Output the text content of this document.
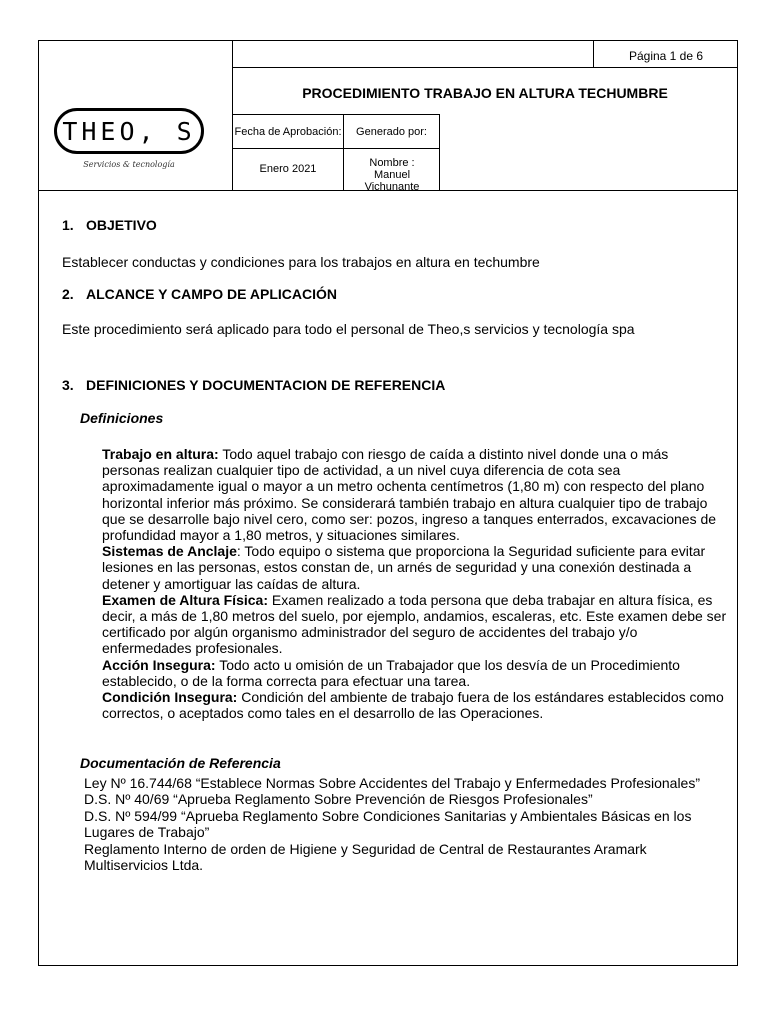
THEO, S
Servicios & tecnología
Página 1 de 6
PROCEDIMIENTO TRABAJO EN ALTURA TECHUMBRE
Fecha de Aprobación:	Generado por:
Enero 2021	Nombre : Manuel Vichunante
1. OBJETIVO
Establecer conductas y condiciones para los trabajos en altura en techumbre
2. ALCANCE Y CAMPO DE APLICACIÓN
Este procedimiento será aplicado para todo el personal de Theo,s servicios y tecnología spa
3. DEFINICIONES Y DOCUMENTACION DE REFERENCIA
Definiciones
Trabajo en altura: Todo aquel trabajo con riesgo de caída a distinto nivel donde una o más personas realizan cualquier tipo de actividad, a un nivel cuya diferencia de cota sea aproximadamente igual o mayor a un metro ochenta centímetros (1,80 m) con respecto del plano horizontal inferior más próximo. Se considerará también trabajo en altura cualquier tipo de trabajo que se desarrolle bajo nivel cero, como ser: pozos, ingreso a tanques enterrados, excavaciones de profundidad mayor a 1,80 metros, y situaciones similares.
Sistemas de Anclaje: Todo equipo o sistema que proporciona la Seguridad suficiente para evitar lesiones en las personas, estos constan de, un arnés de seguridad y una conexión destinada a detener y amortiguar las caídas de altura.
Examen de Altura Física: Examen realizado a toda persona que deba trabajar en altura física, es decir, a más de 1,80 metros del suelo, por ejemplo, andamios, escaleras, etc. Este examen debe ser certificado por algún organismo administrador del seguro de accidentes del trabajo y/o enfermedades profesionales.
Acción Insegura: Todo acto u omisión de un Trabajador que los desvía de un Procedimiento establecido, o de la forma correcta para efectuar una tarea.
Condición Insegura: Condición del ambiente de trabajo fuera de los estándares establecidos como correctos, o aceptados como tales en el desarrollo de las Operaciones.
Documentación de Referencia
Ley Nº 16.744/68 “Establece Normas Sobre Accidentes del Trabajo y Enfermedades Profesionales”
D.S. Nº 40/69 “Aprueba Reglamento Sobre Prevención de Riesgos Profesionales”
D.S. Nº 594/99 “Aprueba Reglamento Sobre Condiciones Sanitarias y Ambientales Básicas en los Lugares de Trabajo”
Reglamento Interno de orden de Higiene y Seguridad de Central de Restaurantes Aramark Multiservicios Ltda.
